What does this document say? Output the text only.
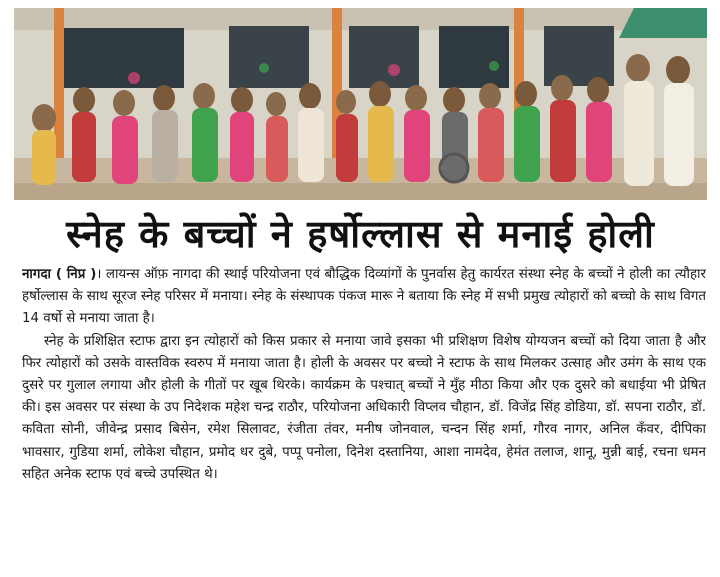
स्नेह के बच्चों ने हर्षोल्लास से मनाई होली

नागदा ( निप्र )। लायन्स ऑफ़ नागदा की स्थाई परियोजना एवं बौद्धिक दिव्यांगों के पुनर्वास हेतु कार्यरत संस्था स्नेह के बच्चों ने होली का त्यौहार हर्षोल्लास के साथ सूरज स्नेह परिसर में मनाया। स्नेह के संस्थापक पंकज मारू ने बताया कि स्नेह में सभी प्रमुख त्योहारों को बच्चो के साथ विगत 14 वर्षो से मनाया जाता है।

स्नेह के प्रशिक्षित स्टाफ द्वारा इन त्योहारों को किस प्रकार से मनाया जावे इसका भी प्रशिक्षण विशेष योग्यजन बच्चों को दिया जाता है और फिर त्योहारों को उसके वास्तविक स्वरुप में मनाया जाता है। होली के अवसर पर बच्चो ने स्टाफ के साथ मिलकर उत्साह और उमंग के साथ एक दुसरे पर गुलाल लगाया और होली के गीतों पर खूब थिरके। कार्यक्रम के पश्चात् बच्चों ने मुँह मीठा किया और एक दुसरे को बधाईया भी प्रेषित की। इस अवसर पर संस्था के उप निदेशक महेश चन्द्र राठौर, परियोजना अधिकारी विप्लव चौहान, डॉ. विजेंद्र सिंह डोडिया, डॉ. सपना राठौर, डॉ. कविता सोनी, जीवेन्द्र प्रसाद बिसेन, रमेश सिलावट, रंजीता तंवर, मनीष जोनवाल, चन्दन सिंह शर्मा, गौरव नागर, अनिल कँवर, दीपिका भावसार, गुडिया शर्मा, लोकेश चौहान, प्रमोद धर दुबे, पप्पू पनोला, दिनेश दस्तानिया, आशा नामदेव, हेमंत तलाज, शानू, मुन्नी बाई, रचना धमन सहित अनेक स्टाफ एवं बच्चे उपस्थित थे।
